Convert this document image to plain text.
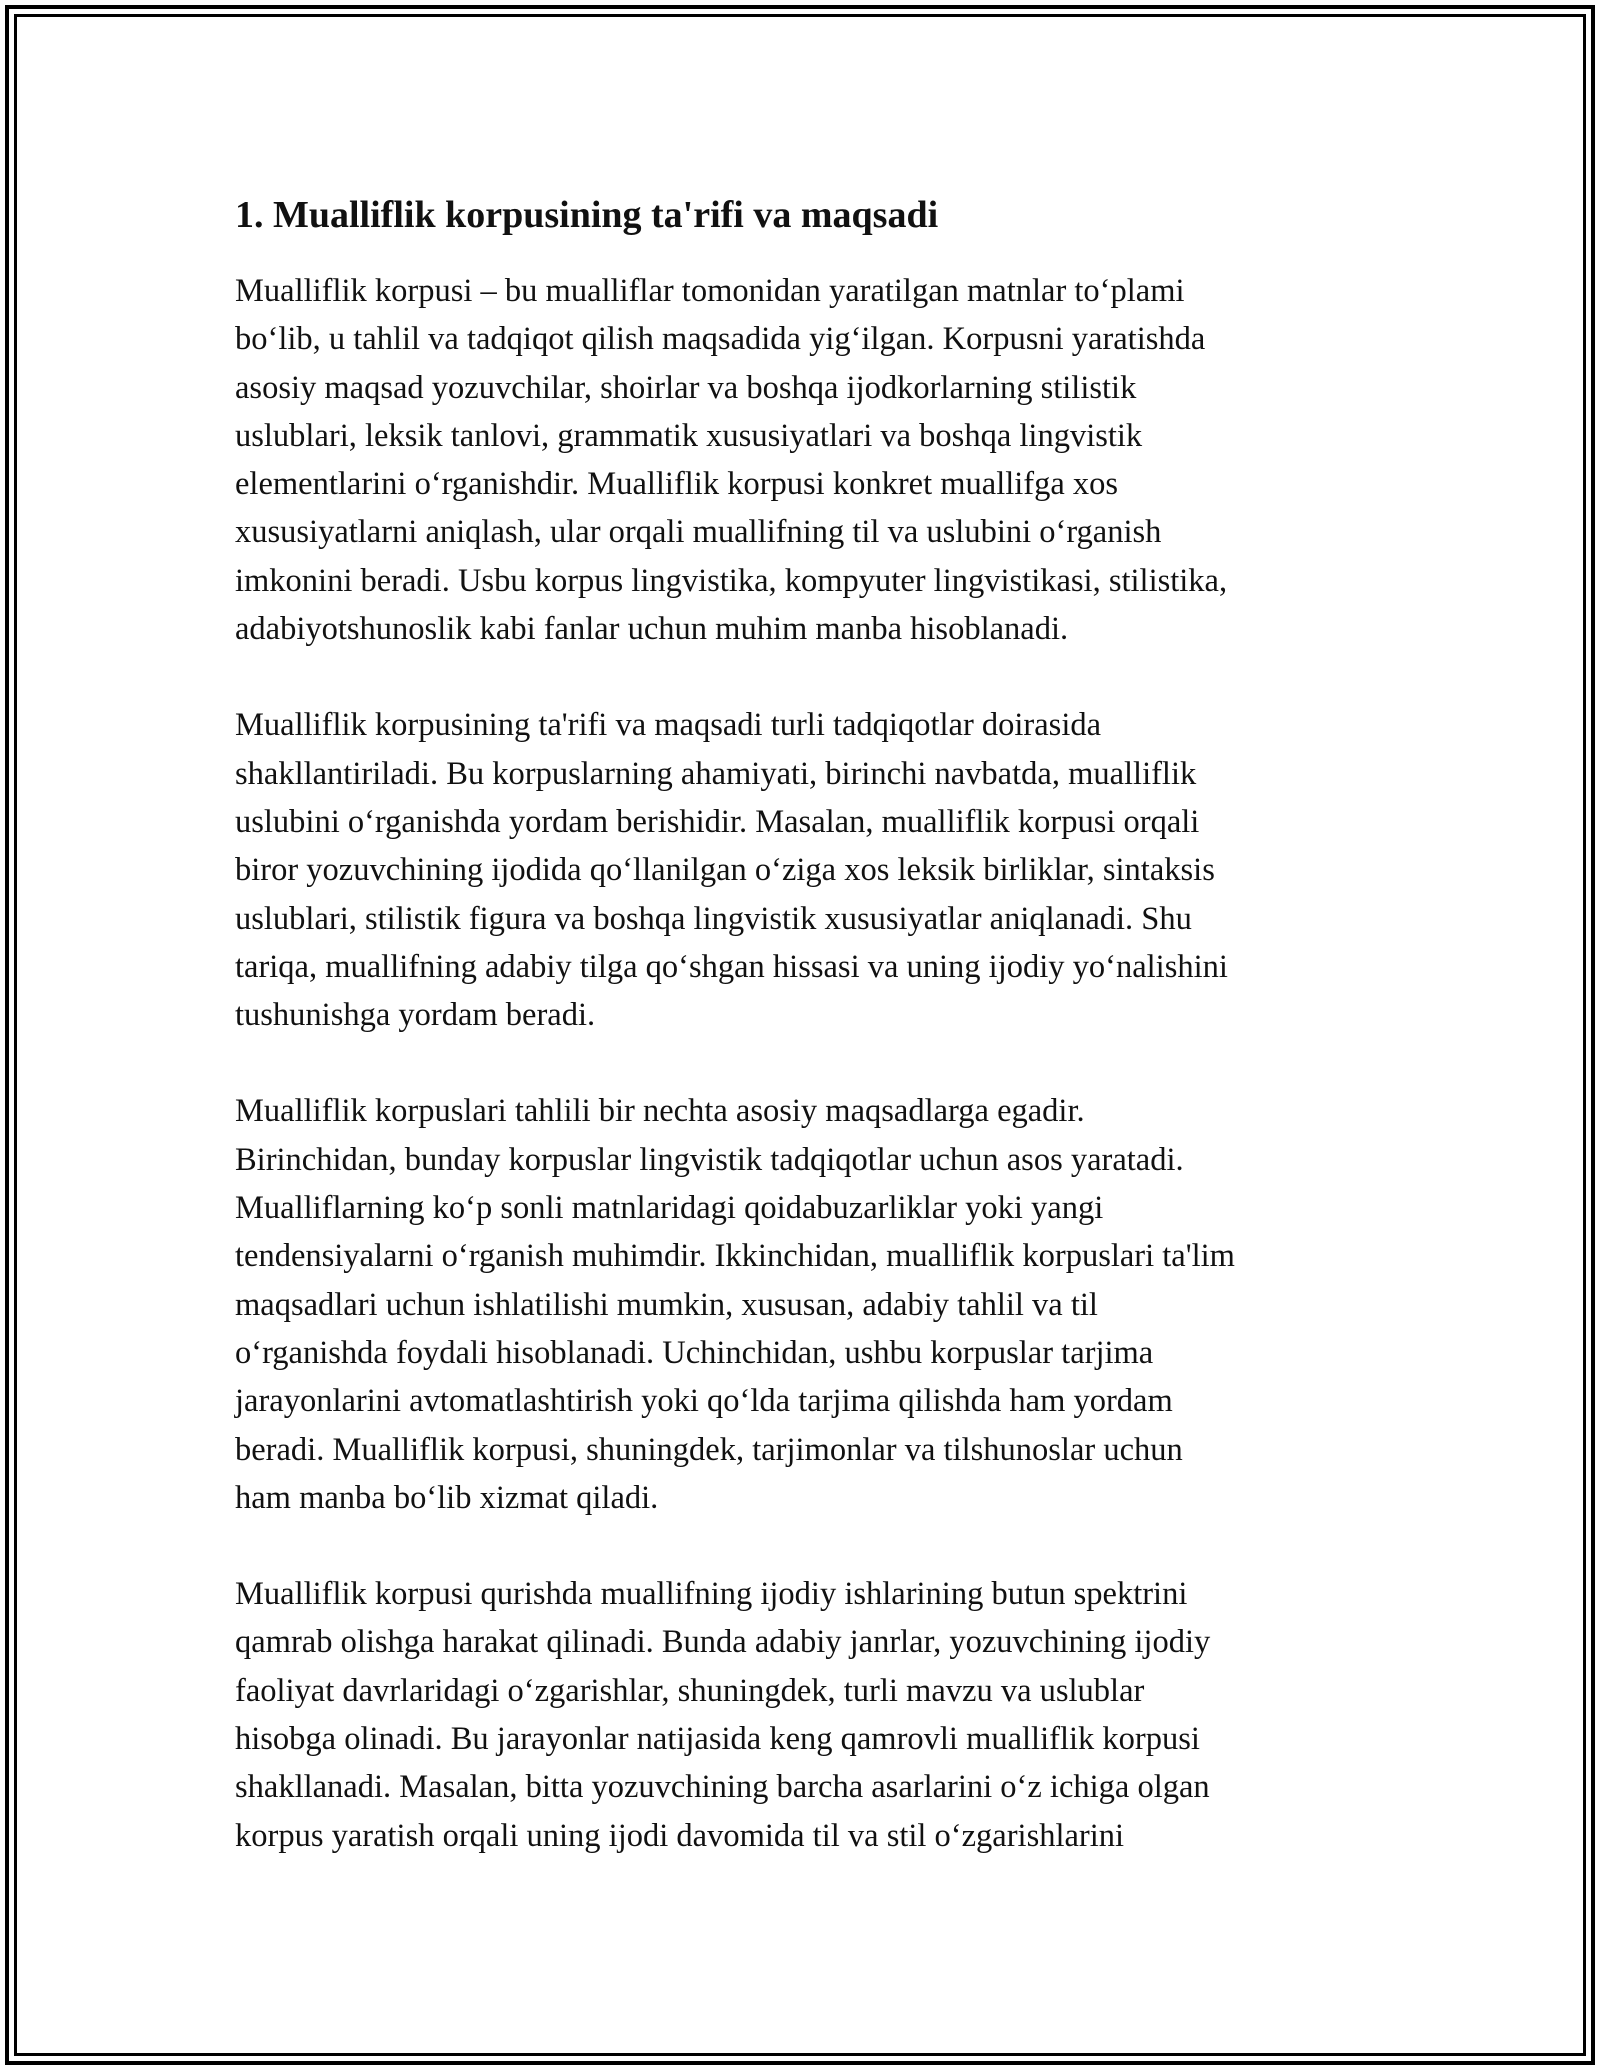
1. Mualliflik korpusining ta'rifi va maqsadi

Mualliflik korpusi – bu mualliflar tomonidan yaratilgan matnlar to‘plami
bo‘lib, u tahlil va tadqiqot qilish maqsadida yig‘ilgan. Korpusni yaratishda
asosiy maqsad yozuvchilar, shoirlar va boshqa ijodkorlarning stilistik
uslublari, leksik tanlovi, grammatik xususiyatlari va boshqa lingvistik
elementlarini o‘rganishdir. Mualliflik korpusi konkret muallifga xos
xususiyatlarni aniqlash, ular orqali muallifning til va uslubini o‘rganish
imkonini beradi. Usbu korpus lingvistika, kompyuter lingvistikasi, stilistika,
adabiyotshunoslik kabi fanlar uchun muhim manba hisoblanadi.

Mualliflik korpusining ta'rifi va maqsadi turli tadqiqotlar doirasida
shakllantiriladi. Bu korpuslarning ahamiyati, birinchi navbatda, mualliflik
uslubini o‘rganishda yordam berishidir. Masalan, mualliflik korpusi orqali
biror yozuvchining ijodida qo‘llanilgan o‘ziga xos leksik birliklar, sintaksis
uslublari, stilistik figura va boshqa lingvistik xususiyatlar aniqlanadi. Shu
tariqa, muallifning adabiy tilga qo‘shgan hissasi va uning ijodiy yo‘nalishini
tushunishga yordam beradi.

Mualliflik korpuslari tahlili bir nechta asosiy maqsadlarga egadir.
Birinchidan, bunday korpuslar lingvistik tadqiqotlar uchun asos yaratadi.
Mualliflarning ko‘p sonli matnlaridagi qoidabuzarliklar yoki yangi
tendensiyalarni o‘rganish muhimdir. Ikkinchidan, mualliflik korpuslari ta'lim
maqsadlari uchun ishlatilishi mumkin, xususan, adabiy tahlil va til
o‘rganishda foydali hisoblanadi. Uchinchidan, ushbu korpuslar tarjima
jarayonlarini avtomatlashtirish yoki qo‘lda tarjima qilishda ham yordam
beradi. Mualliflik korpusi, shuningdek, tarjimonlar va tilshunoslar uchun
ham manba bo‘lib xizmat qiladi.

Mualliflik korpusi qurishda muallifning ijodiy ishlarining butun spektrini
qamrab olishga harakat qilinadi. Bunda adabiy janrlar, yozuvchining ijodiy
faoliyat davrlaridagi o‘zgarishlar, shuningdek, turli mavzu va uslublar
hisobga olinadi. Bu jarayonlar natijasida keng qamrovli mualliflik korpusi
shakllanadi. Masalan, bitta yozuvchining barcha asarlarini o‘z ichiga olgan
korpus yaratish orqali uning ijodi davomida til va stil o‘zgarishlarini
